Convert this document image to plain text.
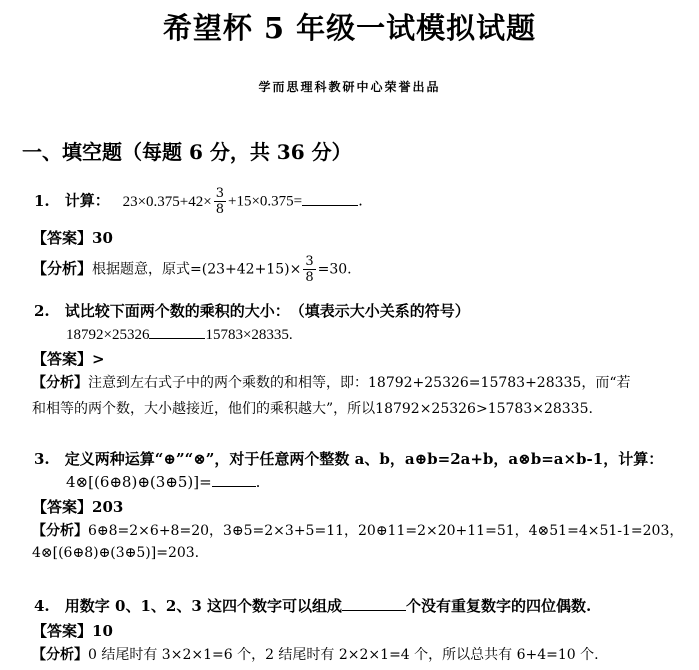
希望杯 5 年级一试模拟试题
学而思理科教研中心荣誉出品
一、填空题（每题 6 分，共 36 分）
1. 计算： $23\times 0.375+42\times \frac{3}{8} +15\times 0.375=$	.
【答案】30
【分析】根据题意，原式$=(23+42+15)\times \frac{3}{8} =30$.
2. 试比较下面两个数的乘积的大小：　（填表示大小关系的符号）
18792×25326	15783×28335.
【答案】>
【分析】注意到左右式子中的两个乘数的和相等，即：18792+25326=15783+28335，而“若
和相等的两个数，大小越接近，他们的乘积越大”，所以18792×25326>15783×28335.
3. 定义两种运算“⊕”“⊗”，对于任意两个整数 a、b，a⊕b=2a+b，a⊗b=a×b-1，计算：
4⊗[(6⊕8)⊕(3⊕5)]=	.
【答案】203
【分析】6⊕8=2×6+8=20，3⊕5=2×3+5=11，20⊕11=2×20+11=51，4⊗51=4×51-1=203，
4⊗[(6⊕8)⊕(3⊕5)]=203.
4. 用数字 0、1、2、3 这四个数字可以组成	个没有重复数字的四位偶数.
【答案】10
【分析】0 结尾时有 3×2×1=6 个，2 结尾时有 2×2×1=4 个，所以总共有 6+4=10 个.
